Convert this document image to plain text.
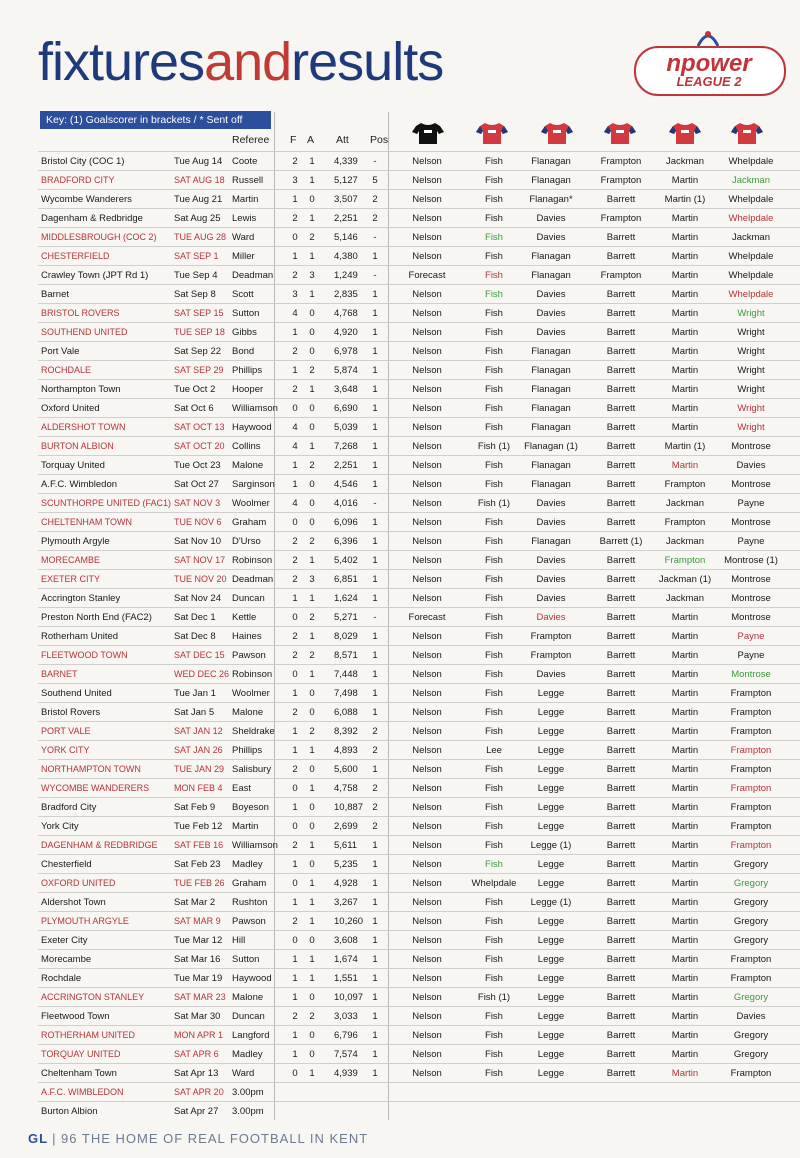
fixturesandresults	npower
LEAGUE 2
Key: (1) Goalscorer in brackets / * Sent off
Referee F A Att Pos
Bristol City (COC 1)	Tue Aug 14 Coote	2	1	4,339	-	Nelson	Fish	Flanagan	Frampton	Jackman	Whelpdale
BRADFORD CITY	SAT AUG 18 Russell	3	1	5,127 5	Nelson	Fish	Flanagan	Frampton	Martin	Jackman
Wycombe Wanderers	Tue Aug 21 Martin	1	0	3,507 2	Nelson	Fish	Flanagan*	Barrett	Martin (1)	Whelpdale
Dagenham & Redbridge	Sat Aug 25 Lewis	2	1	2,251 2	Nelson	Fish	Davies	Frampton	Martin	Whelpdale
MIDDLESBROUGH (COC 2) TUE AUG 28 Ward	0	2	5,146	-	Nelson	Fish	Davies	Barrett	Martin	Jackman
CHESTERFIELD	SAT SEP 1 Miller	1	1	4,380 1	Nelson	Fish	Flanagan	Barrett	Martin	Whelpdale
Crawley Town (JPT Rd 1)	Tue Sep 4 Deadman	2	3	1,249	-	Forecast	Fish	Flanagan	Frampton	Martin	Whelpdale
Barnet	Sat Sep 8 Scott	3	1	2,835 1	Nelson	Fish	Davies	Barrett	Martin	Whelpdale
BRISTOL ROVERS	SAT SEP 15 Sutton	4	0	4,768 1	Nelson	Fish	Davies	Barrett	Martin	Wright
SOUTHEND UNITED	TUE SEP 18 Gibbs	1	0	4,920 1	Nelson	Fish	Davies	Barrett	Martin	Wright
Port Vale	Sat Sep 22 Bond	2	0	6,978 1	Nelson	Fish	Flanagan	Barrett	Martin	Wright
ROCHDALE	SAT SEP 29 Phillips	1	2	5,874 1	Nelson	Fish	Flanagan	Barrett	Martin	Wright
Northampton Town	Tue Oct 2 Hooper	2	1	3,648 1	Nelson	Fish	Flanagan	Barrett	Martin	Wright
Oxford United	Sat Oct 6 Williamson	0	0	6,690 1	Nelson	Fish	Flanagan	Barrett	Martin	Wright
ALDERSHOT TOWN	SAT OCT 13 Haywood	4	0	5,039 1	Nelson	Fish	Flanagan	Barrett	Martin	Wright
BURTON ALBION	SAT OCT 20 Collins	4	1	7,268 1	Nelson	Fish (1)	Flanagan (1)	Barrett	Martin (1)	Montrose
Torquay United	Tue Oct 23 Malone	1	2	2,251 1	Nelson	Fish	Flanagan	Barrett	Martin	Davies
A.F.C. Wimbledon	Sat Oct 27 Sarginson	1	0	4,546 1	Nelson	Fish	Flanagan	Barrett	Frampton	Montrose
SCUNTHORPE UNITED (FAC1) SAT NOV 3 Woolmer	4	0	4,016	-	Nelson	Fish (1)	Davies	Barrett	Jackman	Payne
CHELTENHAM TOWN	TUE NOV 6 Graham	0	0	6,096 1	Nelson	Fish	Davies	Barrett	Frampton	Montrose
Plymouth Argyle	Sat Nov 10 D'Urso	2	2	6,396 1	Nelson	Fish	Flanagan	Barrett (1)	Jackman	Payne
MORECAMBE	SAT NOV 17 Robinson	2	1	5,402 1	Nelson	Fish	Davies	Barrett	Frampton	Montrose (1)
EXETER CITY	TUE NOV 20 Deadman	2	3	6,851 1	Nelson	Fish	Davies	Barrett	Jackman (1)	Montrose
Accrington Stanley	Sat Nov 24 Duncan	1	1	1,624 1	Nelson	Fish	Davies	Barrett	Jackman	Montrose
Preston North End (FAC2) Sat Dec 1 Kettle	0	2	5,271	-	Forecast	Fish	Davies	Barrett	Martin	Montrose
Rotherham United	Sat Dec 8 Haines	2	1	8,029 1	Nelson	Fish	Frampton	Barrett	Martin	Payne
FLEETWOOD TOWN	SAT DEC 15 Pawson	2	2	8,571 1	Nelson	Fish	Frampton	Barrett	Martin	Payne
BARNET	WED DEC 26 Robinson	0	1	7,448 1	Nelson	Fish	Davies	Barrett	Martin	Montrose
Southend United	Tue Jan 1 Woolmer	1	0	7,498 1	Nelson	Fish	Legge	Barrett	Martin	Frampton
Bristol Rovers	Sat Jan 5 Malone	2	0	6,088 1	Nelson	Fish	Legge	Barrett	Martin	Frampton
PORT VALE	SAT JAN 12 Sheldrake	1	2	8,392 2	Nelson	Fish	Legge	Barrett	Martin	Frampton
YORK CITY	SAT JAN 26 Phillips	1	1	4,893 2	Nelson	Lee	Legge	Barrett	Martin	Frampton
NORTHAMPTON TOWN	TUE JAN 29 Salisbury	2	0	5,600 1	Nelson	Fish	Legge	Barrett	Martin	Frampton
WYCOMBE WANDERERS	MON FEB 4 East	0	1	4,758 2	Nelson	Fish	Legge	Barrett	Martin	Frampton
Bradford City	Sat Feb 9 Boyeson	1	0	10,887 2	Nelson	Fish	Legge	Barrett	Martin	Frampton
York City	Tue Feb 12 Martin	0	0	2,699 2	Nelson	Fish	Legge	Barrett	Martin	Frampton
DAGENHAM & REDBRIDGE SAT FEB 16 Williamson	2	1	5,611 1	Nelson	Fish	Legge (1)	Barrett	Martin	Frampton
Chesterfield	Sat Feb 23 Madley	1	0	5,235 1	Nelson	Fish	Legge	Barrett	Martin	Gregory
OXFORD UNITED	TUE FEB 26 Graham	0	1	4,928 1	Nelson	Whelpdale	Legge	Barrett	Martin	Gregory
Aldershot Town	Sat Mar 2 Rushton	1	1	3,267 1	Nelson	Fish	Legge (1)	Barrett	Martin	Gregory
PLYMOUTH ARGYLE	SAT MAR 9 Pawson	2	1	10,260 1	Nelson	Fish	Legge	Barrett	Martin	Gregory
Exeter City	Tue Mar 12 Hill	0	0	3,608 1	Nelson	Fish	Legge	Barrett	Martin	Gregory
Morecambe	Sat Mar 16 Sutton	1	1	1,674 1	Nelson	Fish	Legge	Barrett	Martin	Frampton
Rochdale	Tue Mar 19 Haywood	1	1	1,551 1	Nelson	Fish	Legge	Barrett	Martin	Frampton
ACCRINGTON STANLEY	SAT MAR 23 Malone	1	0	10,097 1	Nelson	Fish (1)	Legge	Barrett	Martin	Gregory
Fleetwood Town	Sat Mar 30 Duncan	2	2	3,033 1	Nelson	Fish	Legge	Barrett	Martin	Davies
ROTHERHAM UNITED	MON APR 1 Langford	1	0	6,796 1	Nelson	Fish	Legge	Barrett	Martin	Gregory
TORQUAY UNITED	SAT APR 6 Madley	1	0	7,574 1	Nelson	Fish	Legge	Barrett	Martin	Gregory
Cheltenham Town	Sat Apr 13 Ward	0	1	4,939 1	Nelson	Fish	Legge	Barrett	Martin	Frampton
A.F.C. WIMBLEDON	SAT APR 20 3.00pm
Burton Albion	Sat Apr 27 3.00pm
GL | 96 THE HOME OF REAL FOOTBALL IN KENT
